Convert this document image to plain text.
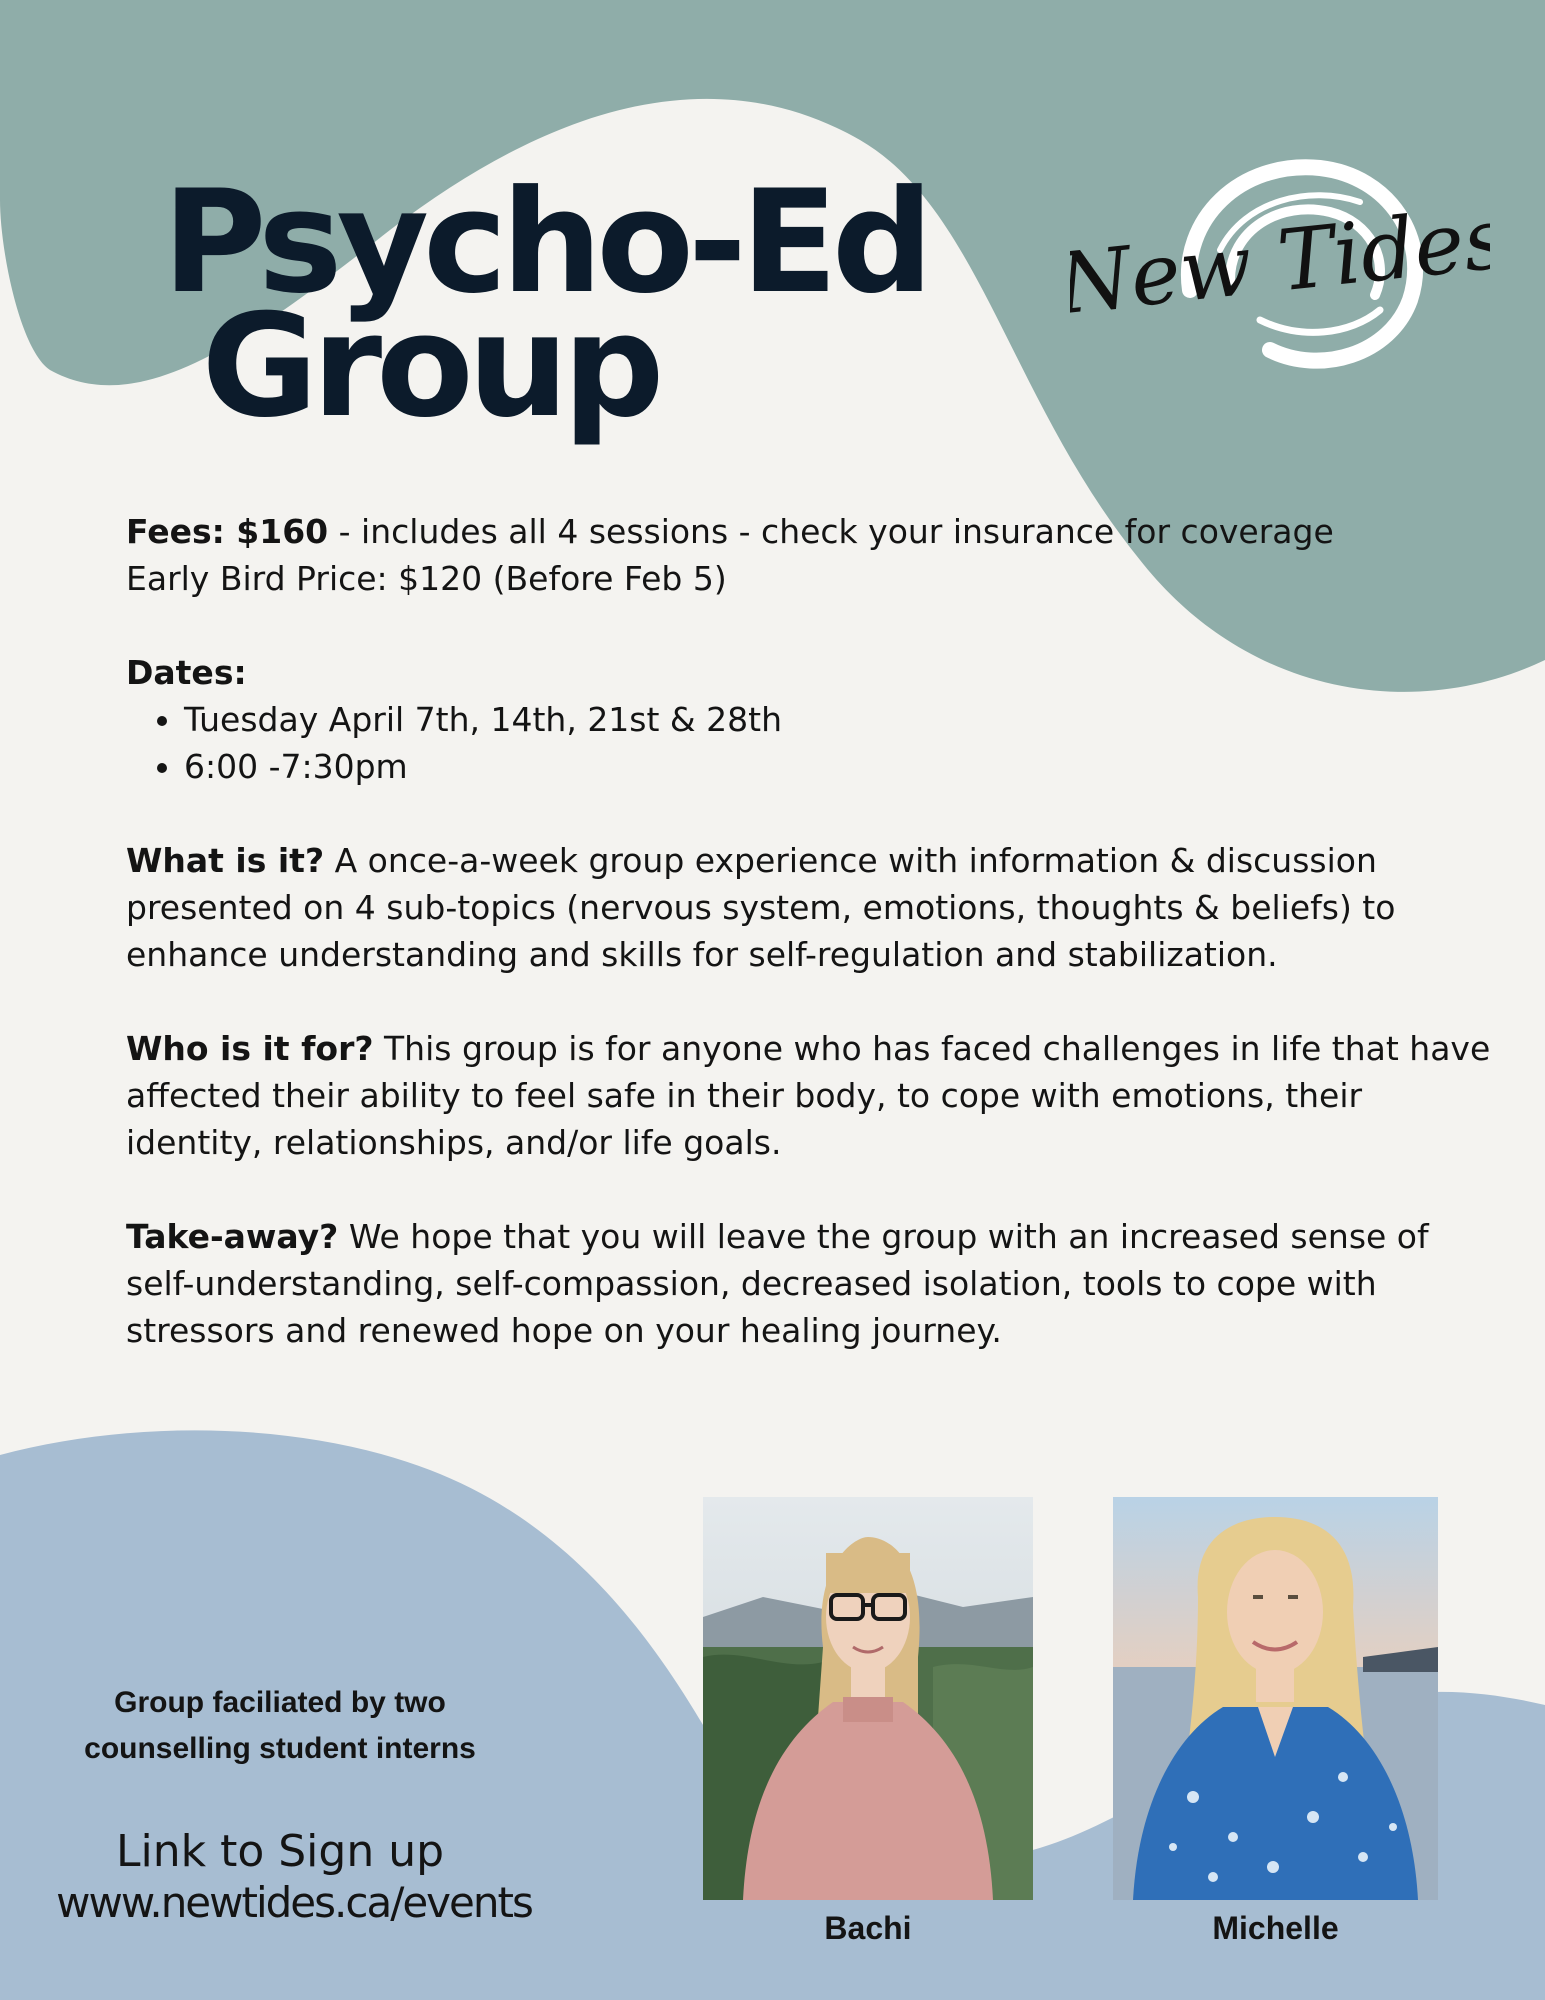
Psycho-Ed
Group
New Tides

Fees: $160 - includes all 4 sessions - check your insurance for coverage

Early Bird Price: $120 (Before Feb 5)

Dates:

• Tuesday April 7th, 14th, 21st & 28th
• 6:00 -7:30pm

What is it? A once-a-week group experience with information & discussion presented on 4 sub-topics (nervous system, emotions, thoughts & beliefs) to enhance understanding and skills for self-regulation and stabilization.

Who is it for? This group is for anyone who has faced challenges in life that have affected their ability to feel safe in their body, to cope with emotions, their identity, relationships, and/or life goals.

Take-away? We hope that you will leave the group with an increased sense of self-understanding, self-compassion, decreased isolation, tools to cope with stressors and renewed hope on your healing journey.

Group faciliated by two
counselling student interns
Link to Sign up
www.newtides.ca/events
Bachi	Michelle
